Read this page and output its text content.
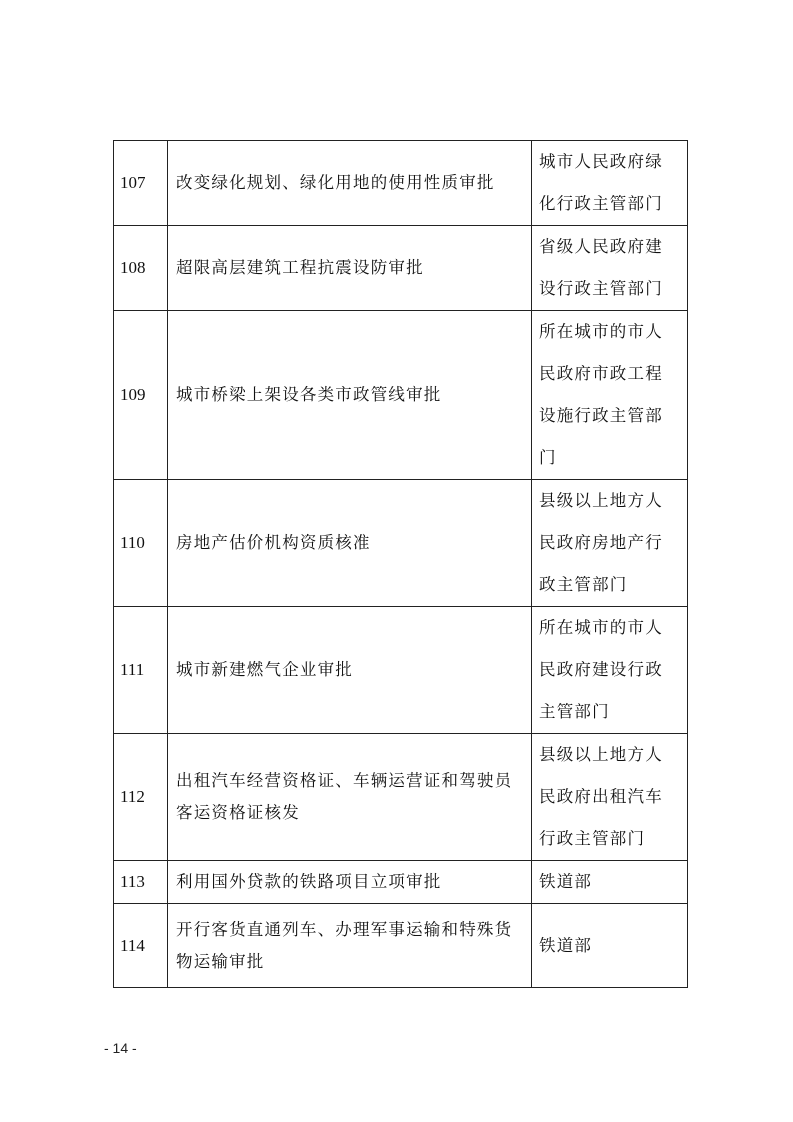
107	改变绿化规划、绿化用地的使用性质审批	城市人民政府绿
化行政主管部门

108	超限高层建筑工程抗震设防审批	省级人民政府建
设行政主管部门

109	城市桥梁上架设各类市政管线审批	所在城市的市人
民政府市政工程
设施行政主管部
门

110	房地产估价机构资质核准	县级以上地方人
民政府房地产行
政主管部门

111	城市新建燃气企业审批	所在城市的市人
民政府建设行政
主管部门

112	出租汽车经营资格证、车辆运营证和驾驶员客运资格证核发	县级以上地方人
民政府出租汽车
行政主管部门

113	利用国外贷款的铁路项目立项审批	铁道部

114	开行客货直通列车、办理军事运输和特殊货物运输审批	铁道部
- 14 -
